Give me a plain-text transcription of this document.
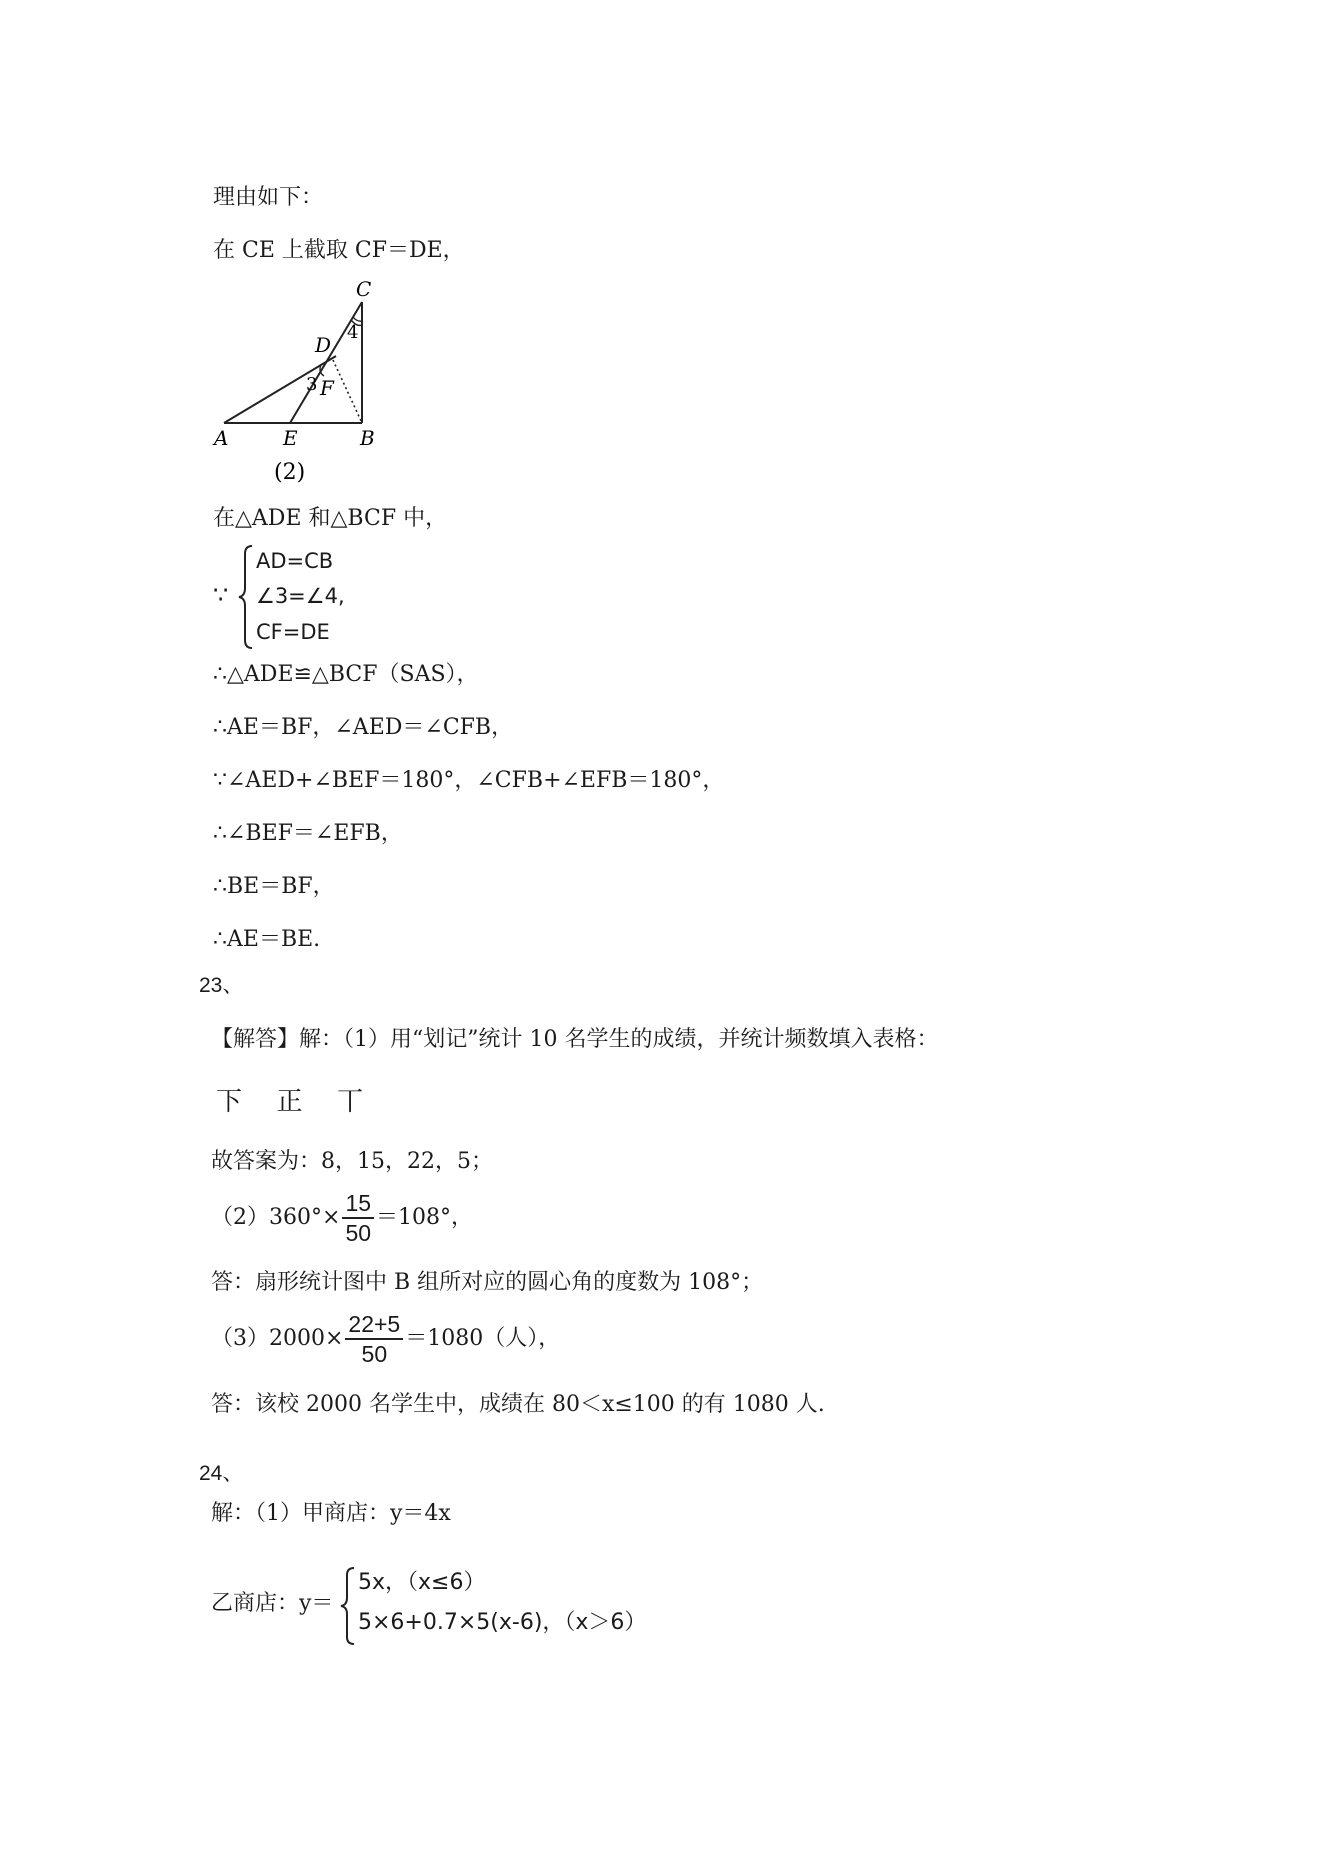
理由如下：
在 CE 上截取 CF＝DE，
C
D
F
A	E	B
3
4
(2)
在△ADE 和△BCF 中，
∵
AD=CB
∠3=∠4,
CF=DE
∴△ADE≌△BCF（SAS），
∴AE＝BF，∠AED＝∠CFB，
∵∠AED+∠BEF＝180°，∠CFB+∠EFB＝180°，
∴∠BEF＝∠EFB，
∴BE＝BF，
∴AE＝BE.
23、
【解答】解：（1）用“划记”统计 10 名学生的成绩，并统计频数填入表格：
下 正 丅
故答案为：8，15，22，5；
$(2)360^\circ\times \frac{15}{50} =108^\circ$，
答：扇形统计图中 B 组所对应的圆心角的度数为 108°；
$(3)2000\times \frac{22+5}{50} =1080$（人），
答：该校 2000 名学生中，成绩在 80＜x≤100 的有 1080 人.
24、
解：（1）甲商店：y＝4x
乙商店：y＝
5x，（x≤6）
5×6+0.7×5(x-6)，（x＞6）
